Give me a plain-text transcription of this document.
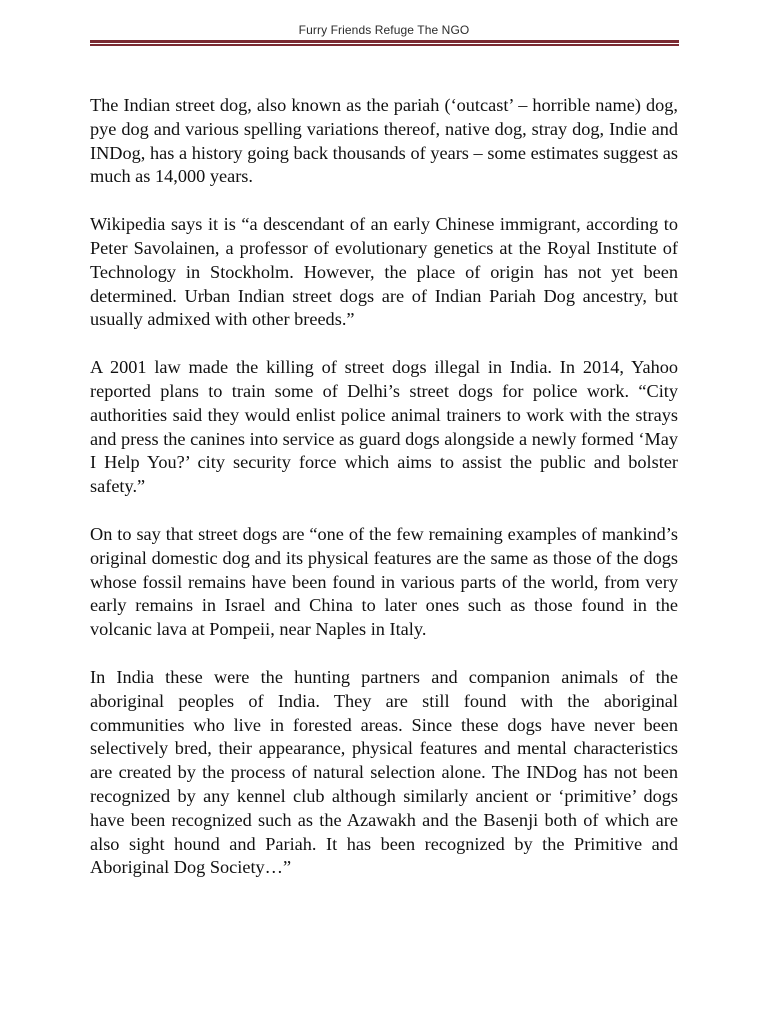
Furry Friends Refuge The NGO

The Indian street dog, also known as the pariah (‘outcast’ – horrible name) dog, pye dog and various spelling variations thereof, native dog, stray dog, Indie and INDog, has a history going back thousands of years – some estimates suggest as much as 14,000 years.

Wikipedia says it is “a descendant of an early Chinese immigrant, according to Peter Savolainen, a professor of evolutionary genetics at the Royal Institute of Technology in Stockholm. However, the place of origin has not yet been determined. Urban Indian street dogs are of Indian Pariah Dog ancestry, but usually admixed with other breeds.”

A 2001 law made the killing of street dogs illegal in India. In 2014, Yahoo reported plans to train some of Delhi’s street dogs for police work. “City authorities said they would enlist police animal trainers to work with the strays and press the canines into service as guard dogs alongside a newly formed ‘May I Help You?’ city security force which aims to assist the public and bolster safety.”

On to say that street dogs are “one of the few remaining examples of mankind’s original domestic dog and its physical features are the same as those of the dogs whose fossil remains have been found in various parts of the world, from very early remains in Israel and China to later ones such as those found in the volcanic lava at Pompeii, near Naples in Italy.

In India these were the hunting partners and companion animals of the aboriginal peoples of India. They are still found with the aboriginal communities who live in forested areas. Since these dogs have never been selectively bred, their appearance, physical features and mental characteristics are created by the process of natural selection alone. The INDog has not been recognized by any kennel club although similarly ancient or ‘primitive’ dogs have been recognized such as the Azawakh and the Basenji both of which are also sight hound and Pariah. It has been recognized by the Primitive and Aboriginal Dog Society…”
